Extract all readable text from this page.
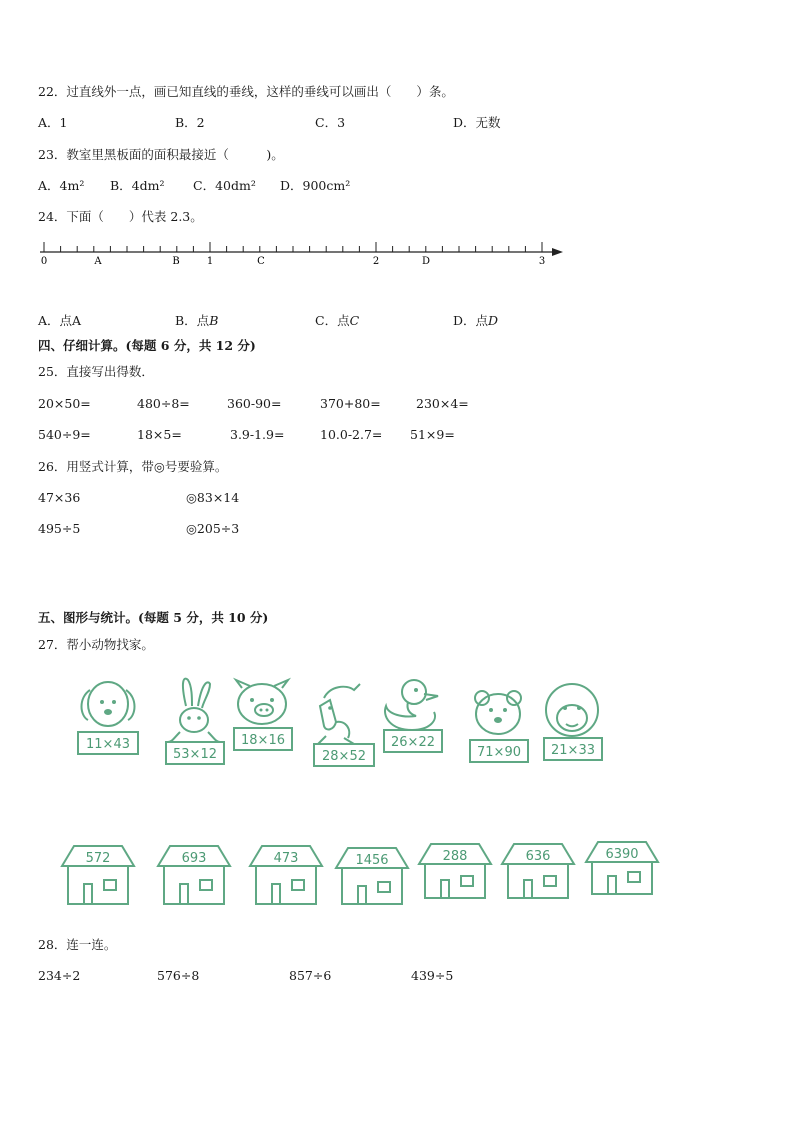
22．过直线外一点，画已知直线的垂线，这样的垂线可以画出（　　）条。
A．1	B．2	C．3	D．无数
23．教室里黑板面的面积最接近（　　　)。
A．4m² B．4dm² C．40dm² D．900cm²
24．下面（　　）代表 2.3。
0	A	B	1	C	2	D	3
A．点A	B．点B	C．点C	D．点D
四、仔细计算。(每题 6 分，共 12 分)
25．直接写出得数．
20×50=	480÷8=	360-90=	370+80=	230×4=
540÷9=	18×5=	3.9-1.9=	10.0-2.7= 51×9=
26．用竖式计算，带◎号要验算。
47×36	◎83×14
495÷5	◎205÷3
五、图形与统计。(每题 5 分，共 10 分)
27．帮小动物找家。
11×43
53×12
18×16
28×52
26×22
71×90 21×33
572	693	473	1456	288	636	6390
28．连一连。
234÷2	576÷8	857÷6	439÷5
